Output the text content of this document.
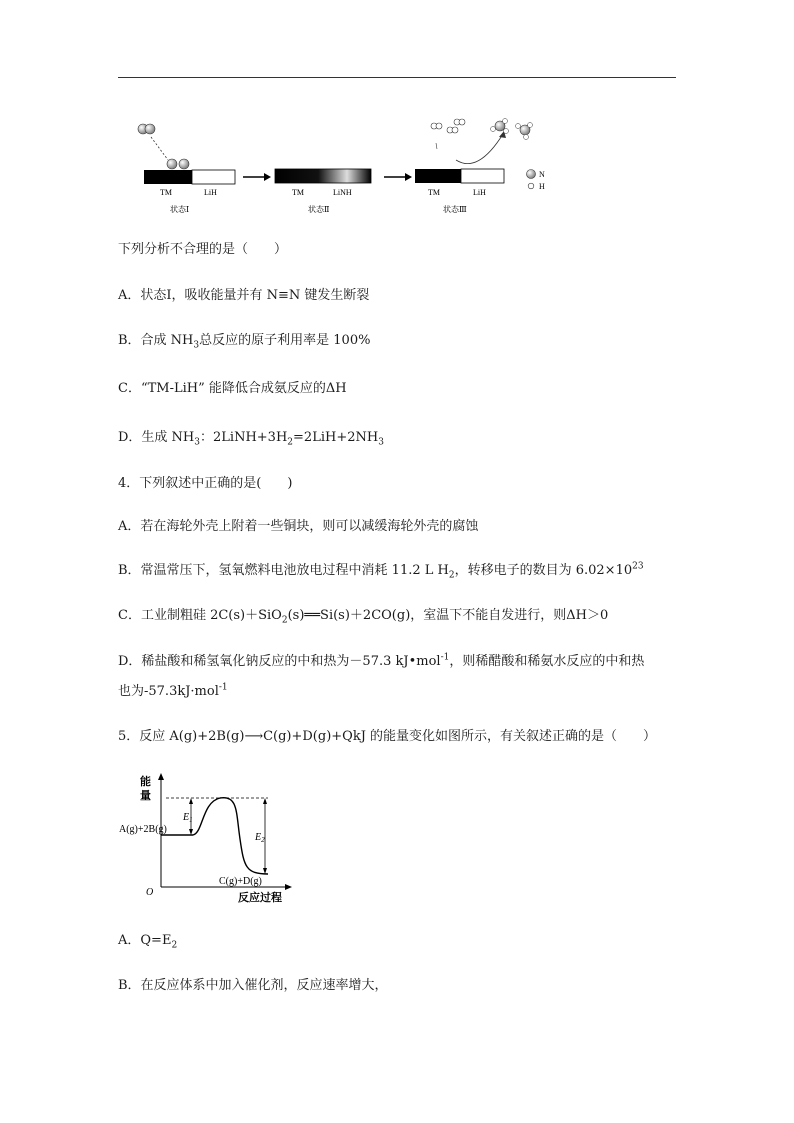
TM	LiH
状态Ⅰ
TM	LiNH
状态Ⅱ
TM	LiH
状态Ⅲ
N
H
下列分析不合理的是（　　）
A．状态Ⅰ，吸收能量并有 N≡N 键发生断裂
B．合成 $NH_3$总反应的原子利用率是 100%
C．“TM-LiH” 能降低合成氨反应的ΔH
D．生成 $NH_3$：$2LiNH+3H_2=2LiH+2NH_3$
4．下列叙述中正确的是(　　)
A．若在海轮外壳上附着一些铜块，则可以减缓海轮外壳的腐蚀
B．常温常压下，氢氧燃料电池放电过程中消耗 11.2 L $H_2$，转移电子的数目为 $6.02\times 10^{23}$
C．工业制粗硅 2C(s)＋SiO$_2$(s)══Si(s)＋2CO(g)，室温下不能自发进行，则ΔH＞0
D．稀盐酸和稀氢氧化钠反应的中和热为－57.3 kJ•mol$^{-1}$，则稀醋酸和稀氨水反应的中和热
也为-57.3kJ·mol$^{-1}$
5．反应 A(g)+2B(g)⟶C(g)+D(g)+QkJ 的能量变化如图所示，有关叙述正确的是（　　）
能
量
反应过程
O
$E_1$
$E_2$
A(g)+2B(g)
C(g)+D(g)
A．$Q=E_2$
B．在反应体系中加入催化剂，反应速率增大，
